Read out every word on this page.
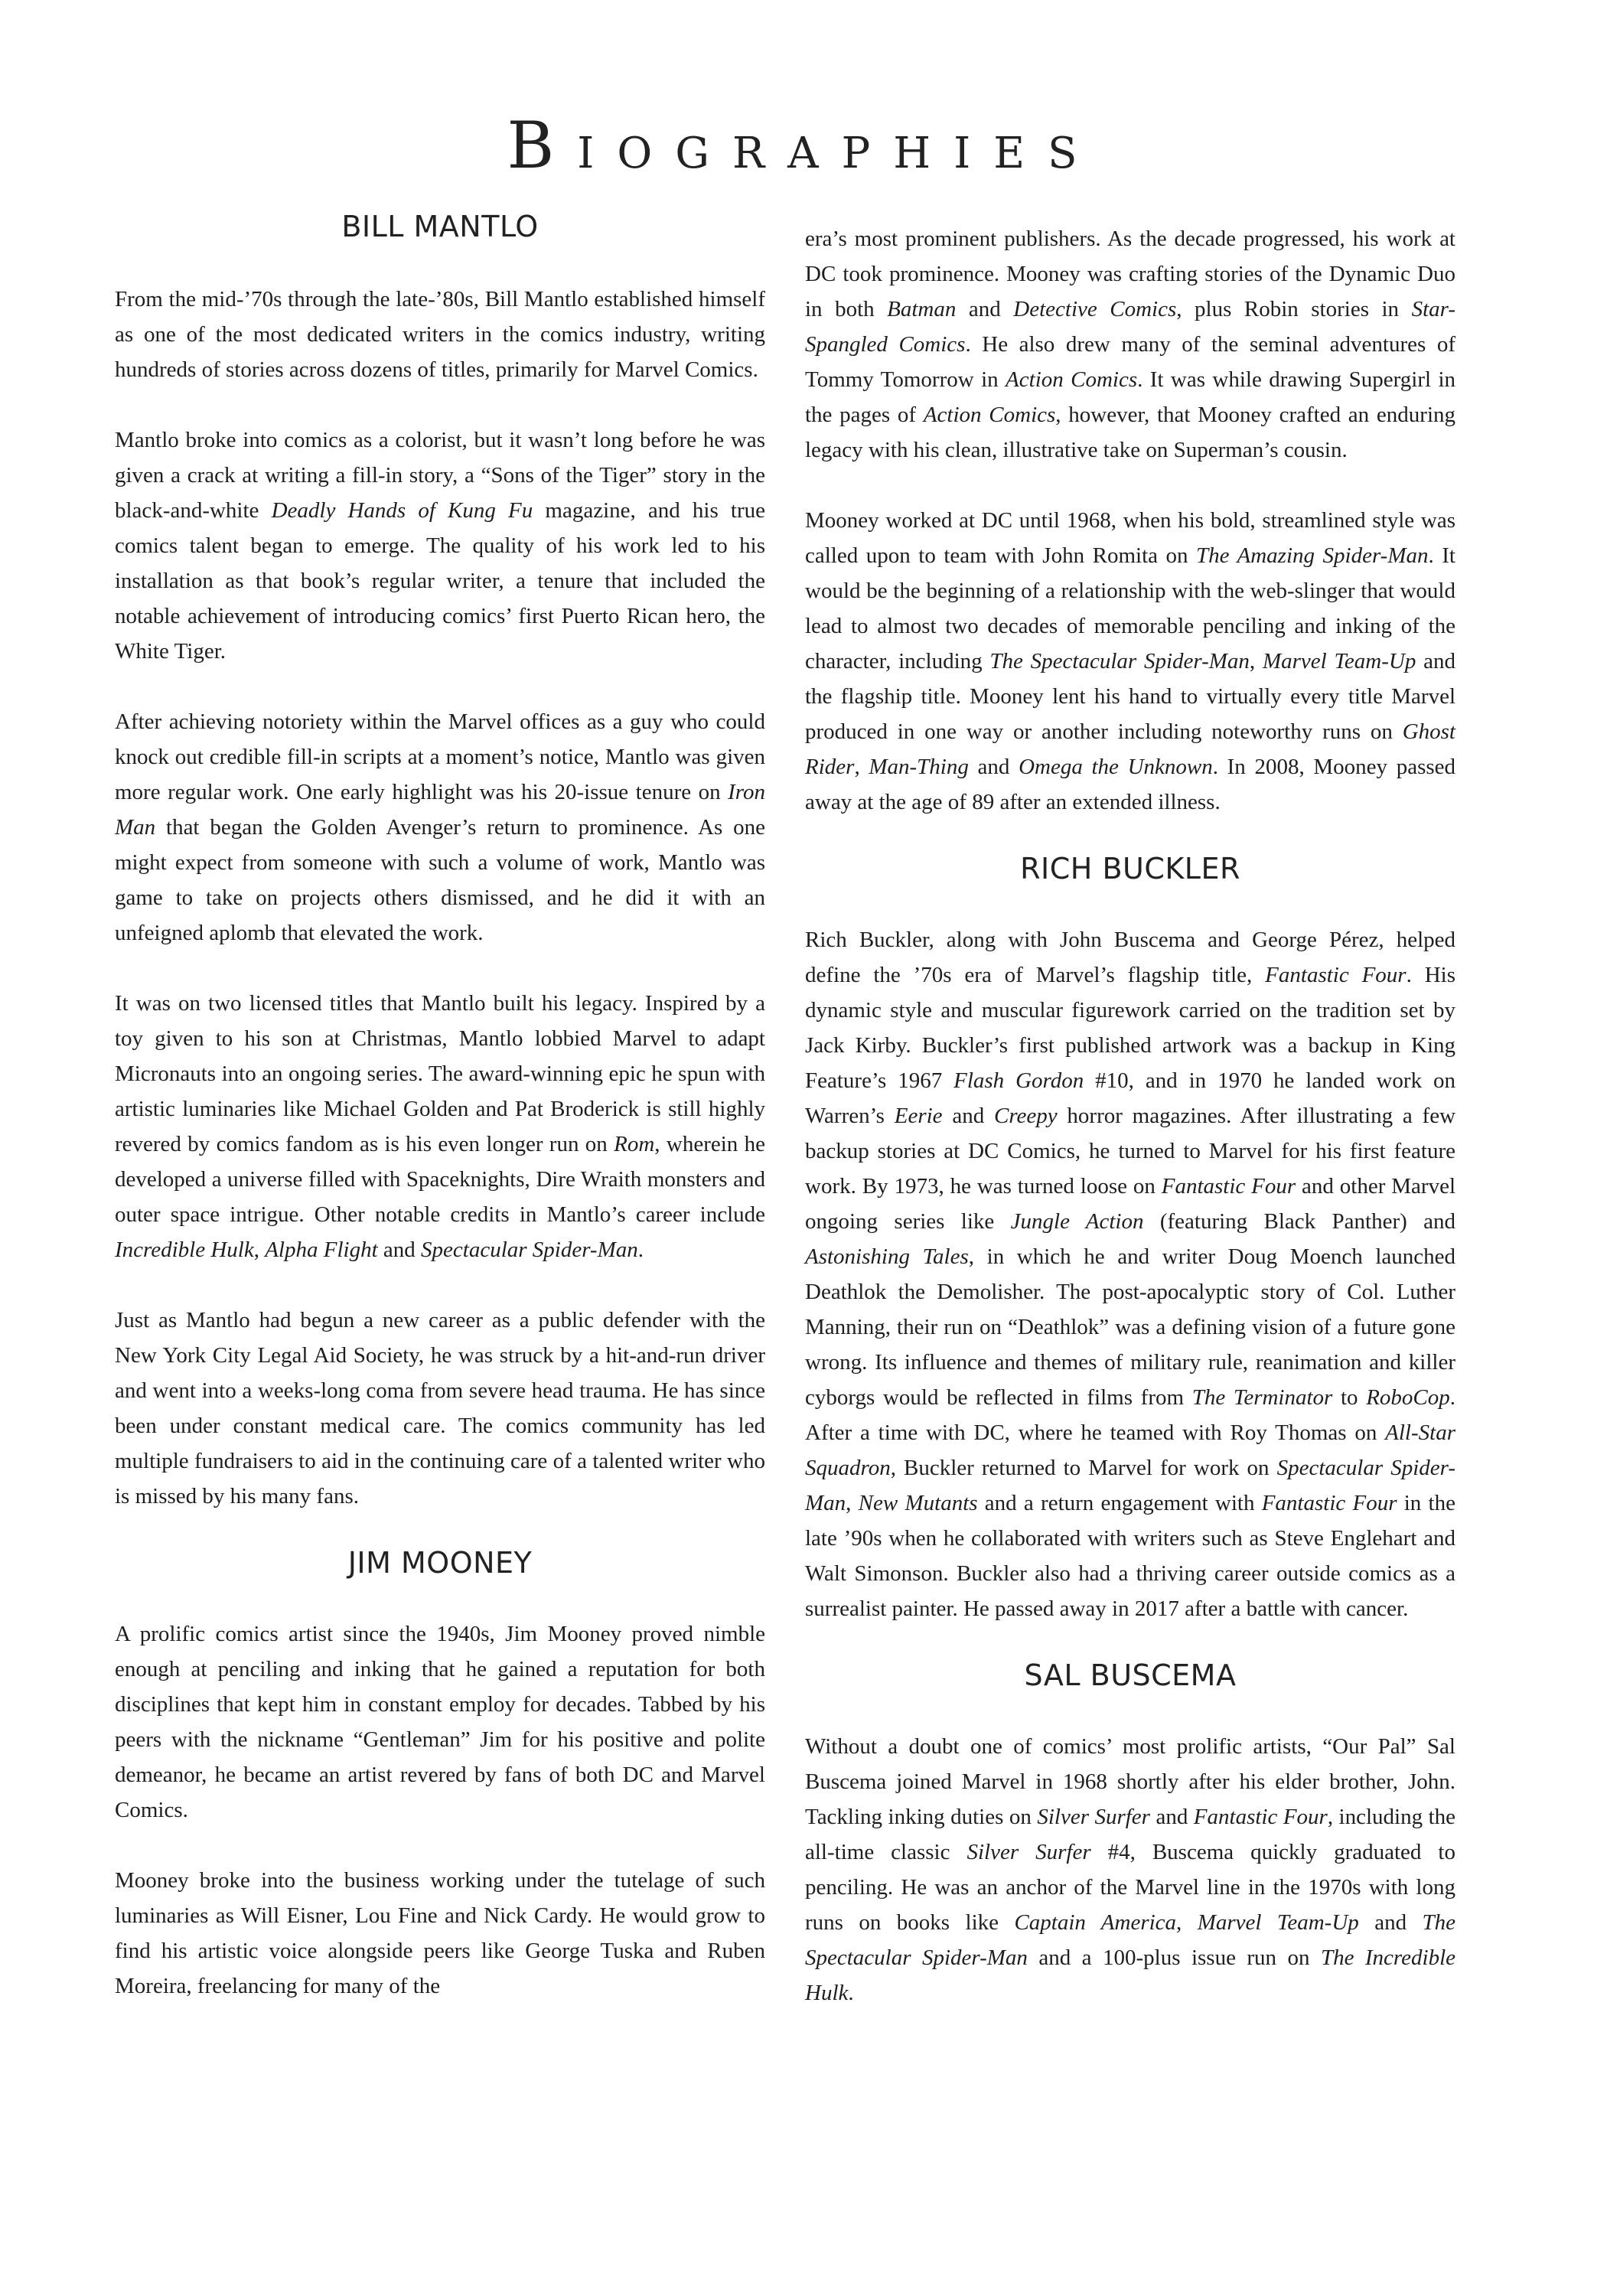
BIOGRAPHIES
BILL MANTLO

From the mid-’70s through the late-’80s, Bill Mantlo established himself as one of the most dedicated writers in the comics industry, writing hundreds of stories across dozens of titles, primarily for Marvel Comics.

Mantlo broke into comics as a colorist, but it wasn’t long before he was given a crack at writing a fill-in story, a “Sons of the Tiger” story in the black-and-white Deadly Hands of Kung Fu magazine, and his true comics talent began to emerge. The quality of his work led to his installation as that book’s regular writer, a tenure that included the notable achievement of introducing comics’ first Puerto Rican hero, the White Tiger.

After achieving notoriety within the Marvel offices as a guy who could knock out credible fill-in scripts at a moment’s notice, Mantlo was given more regular work. One early highlight was his 20-issue tenure on Iron Man that began the Golden Avenger’s return to prominence. As one might expect from someone with such a volume of work, Mantlo was game to take on projects others dismissed, and he did it with an unfeigned aplomb that elevated the work.

It was on two licensed titles that Mantlo built his legacy. Inspired by a toy given to his son at Christmas, Mantlo lobbied Marvel to adapt Micronauts into an ongoing series. The award-winning epic he spun with artistic luminaries like Michael Golden and Pat Broderick is still highly revered by comics fandom as is his even longer run on Rom, wherein he developed a universe filled with Spaceknights, Dire Wraith monsters and outer space intrigue. Other notable credits in Mantlo’s career include Incredible Hulk, Alpha Flight and Spectacular Spider-Man.

Just as Mantlo had begun a new career as a public defender with the New York City Legal Aid Society, he was struck by a hit-and-run driver and went into a weeks-long coma from severe head trauma. He has since been under constant medical care. The comics community has led multiple fundraisers to aid in the continuing care of a talented writer who is missed by his many fans.

JIM MOONEY

A prolific comics artist since the 1940s, Jim Mooney proved nimble enough at penciling and inking that he gained a reputation for both disciplines that kept him in constant employ for decades. Tabbed by his peers with the nickname “Gentleman” Jim for his positive and polite demeanor, he became an artist revered by fans of both DC and Marvel Comics.

Mooney broke into the business working under the tutelage of such luminaries as Will Eisner, Lou Fine and Nick Cardy. He would grow to find his artistic voice alongside peers like George Tuska and Ruben Moreira, freelancing for many of the

era’s most prominent publishers. As the decade progressed, his work at DC took prominence. Mooney was crafting stories of the Dynamic Duo in both Batman and Detective Comics, plus Robin stories in Star-Spangled Comics. He also drew many of the seminal adventures of Tommy Tomorrow in Action Comics. It was while drawing Supergirl in the pages of Action Comics, however, that Mooney crafted an enduring legacy with his clean, illustrative take on Superman’s cousin.

Mooney worked at DC until 1968, when his bold, streamlined style was called upon to team with John Romita on The Amazing Spider-Man. It would be the beginning of a relationship with the web-slinger that would lead to almost two decades of memorable penciling and inking of the character, including The Spectacular Spider-Man, Marvel Team-Up and the flagship title. Mooney lent his hand to virtually every title Marvel produced in one way or another including noteworthy runs on Ghost Rider, Man-Thing and Omega the Unknown. In 2008, Mooney passed away at the age of 89 after an extended illness.

RICH BUCKLER

Rich Buckler, along with John Buscema and George Pérez, helped define the ’70s era of Marvel’s flagship title, Fantastic Four. His dynamic style and muscular figurework carried on the tradition set by Jack Kirby. Buckler’s first published artwork was a backup in King Feature’s 1967 Flash Gordon #10, and in 1970 he landed work on Warren’s Eerie and Creepy horror magazines. After illustrating a few backup stories at DC Comics, he turned to Marvel for his first feature work. By 1973, he was turned loose on Fantastic Four and other Marvel ongoing series like Jungle Action (featuring Black Panther) and Astonishing Tales, in which he and writer Doug Moench launched Deathlok the Demolisher. The post-apocalyptic story of Col. Luther Manning, their run on “Deathlok” was a defining vision of a future gone wrong. Its influence and themes of military rule, reanimation and killer cyborgs would be reflected in films from The Terminator to RoboCop. After a time with DC, where he teamed with Roy Thomas on All-Star Squadron, Buckler returned to Marvel for work on Spectacular Spider-Man, New Mutants and a return engagement with Fantastic Four in the late ’90s when he collaborated with writers such as Steve Englehart and Walt Simonson. Buckler also had a thriving career outside comics as a surrealist painter. He passed away in 2017 after a battle with cancer.

SAL BUSCEMA

Without a doubt one of comics’ most prolific artists, “Our Pal” Sal Buscema joined Marvel in 1968 shortly after his elder brother, John. Tackling inking duties on Silver Surfer and Fantastic Four, including the all-time classic Silver Surfer #4, Buscema quickly graduated to penciling. He was an anchor of the Marvel line in the 1970s with long runs on books like Captain America, Marvel Team-Up and The Spectacular Spider-Man and a 100-plus issue run on The Incredible Hulk.
